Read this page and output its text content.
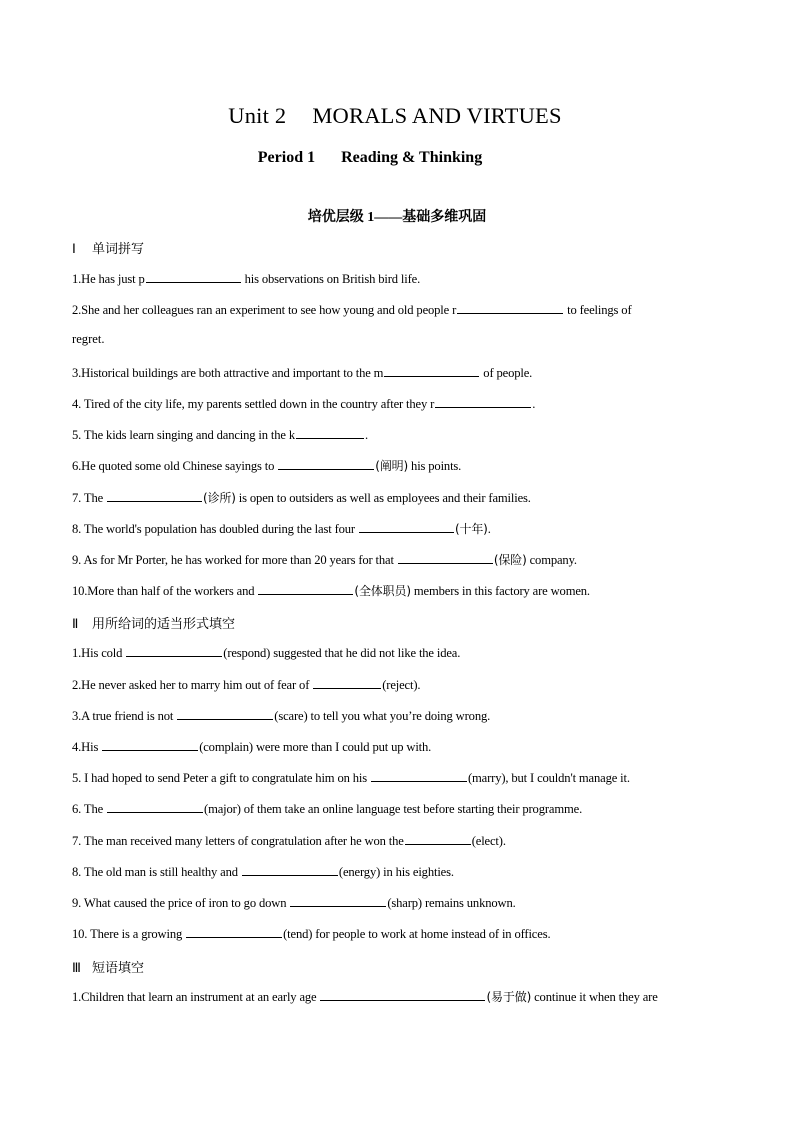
Unit 2 MORALS AND VIRTUES
Period 1 Reading & Thinking
培优层级 1——基础多维巩固
Ⅰ 单词拼写
1.He has just p	his observations on British bird life.
2.She and her colleagues ran an experiment to see how young and old people r	to feelings of
regret.
3.Historical buildings are both attractive and important to the m	of people.
4. Tired of the city life, my parents settled down in the country after they r	.
5. The kids learn singing and dancing in the k	.
6.He quoted some old Chinese sayings to	(阐明) his points.
7. The	(诊所) is open to outsiders as well as employees and their families.
8. The world's population has doubled during the last four	(十年).
9. As for Mr Porter, he has worked for more than 20 years for that	(保险) company.
10.More than half of the workers and	(全体职员) members in this factory are women.
Ⅱ 用所给词的适当形式填空
1.His cold	(respond) suggested that he did not like the idea.
2.He never asked her to marry him out of fear of	(reject).
3.A true friend is not	(scare) to tell you what you’re doing wrong.
4.His	(complain) were more than I could put up with.
5. I had hoped to send Peter a gift to congratulate him on his	(marry), but I couldn't manage it.
6. The	(major) of them take an online language test before starting their programme.
7. The man received many letters of congratulation after he won the	(elect).
8. The old man is still healthy and	(energy) in his eighties.
9. What caused the price of iron to go down	(sharp) remains unknown.
10. There is a growing	(tend) for people to work at home instead of in offices.
Ⅲ 短语填空
1.Children that learn an instrument at an early age	(易于做) continue it when they are
